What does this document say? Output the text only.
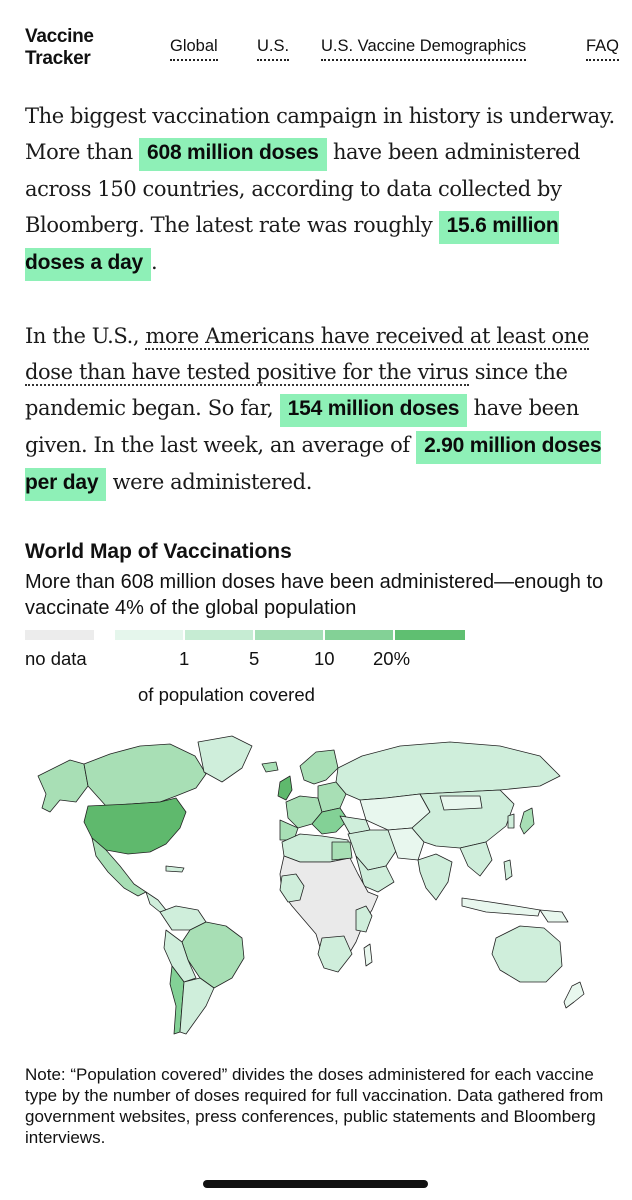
Vaccine
Tracker
Global U.S. U.S. Vaccine Demographics	FAQ

The biggest vaccination campaign in history is underway. More than 608 million doses have been administered across 150 countries, according to data collected by Bloomberg. The latest rate was roughly 15.6 million doses a day .

In the U.S., more Americans have received at least one dose than have tested positive for the virus since the pandemic began. So far, 154 million doses have been given. In the last week, an average of 2.90 million doses per day were administered.

World Map of Vaccinations
More than 608 million doses have been administered—enough to vaccinate 4% of the global population
no data	1	5	10 20%
of population covered

Note: “Population covered” divides the doses administered for each vaccine type by the number of doses required for full vaccination. Data gathered from government websites, press conferences, public statements and Bloomberg interviews.
